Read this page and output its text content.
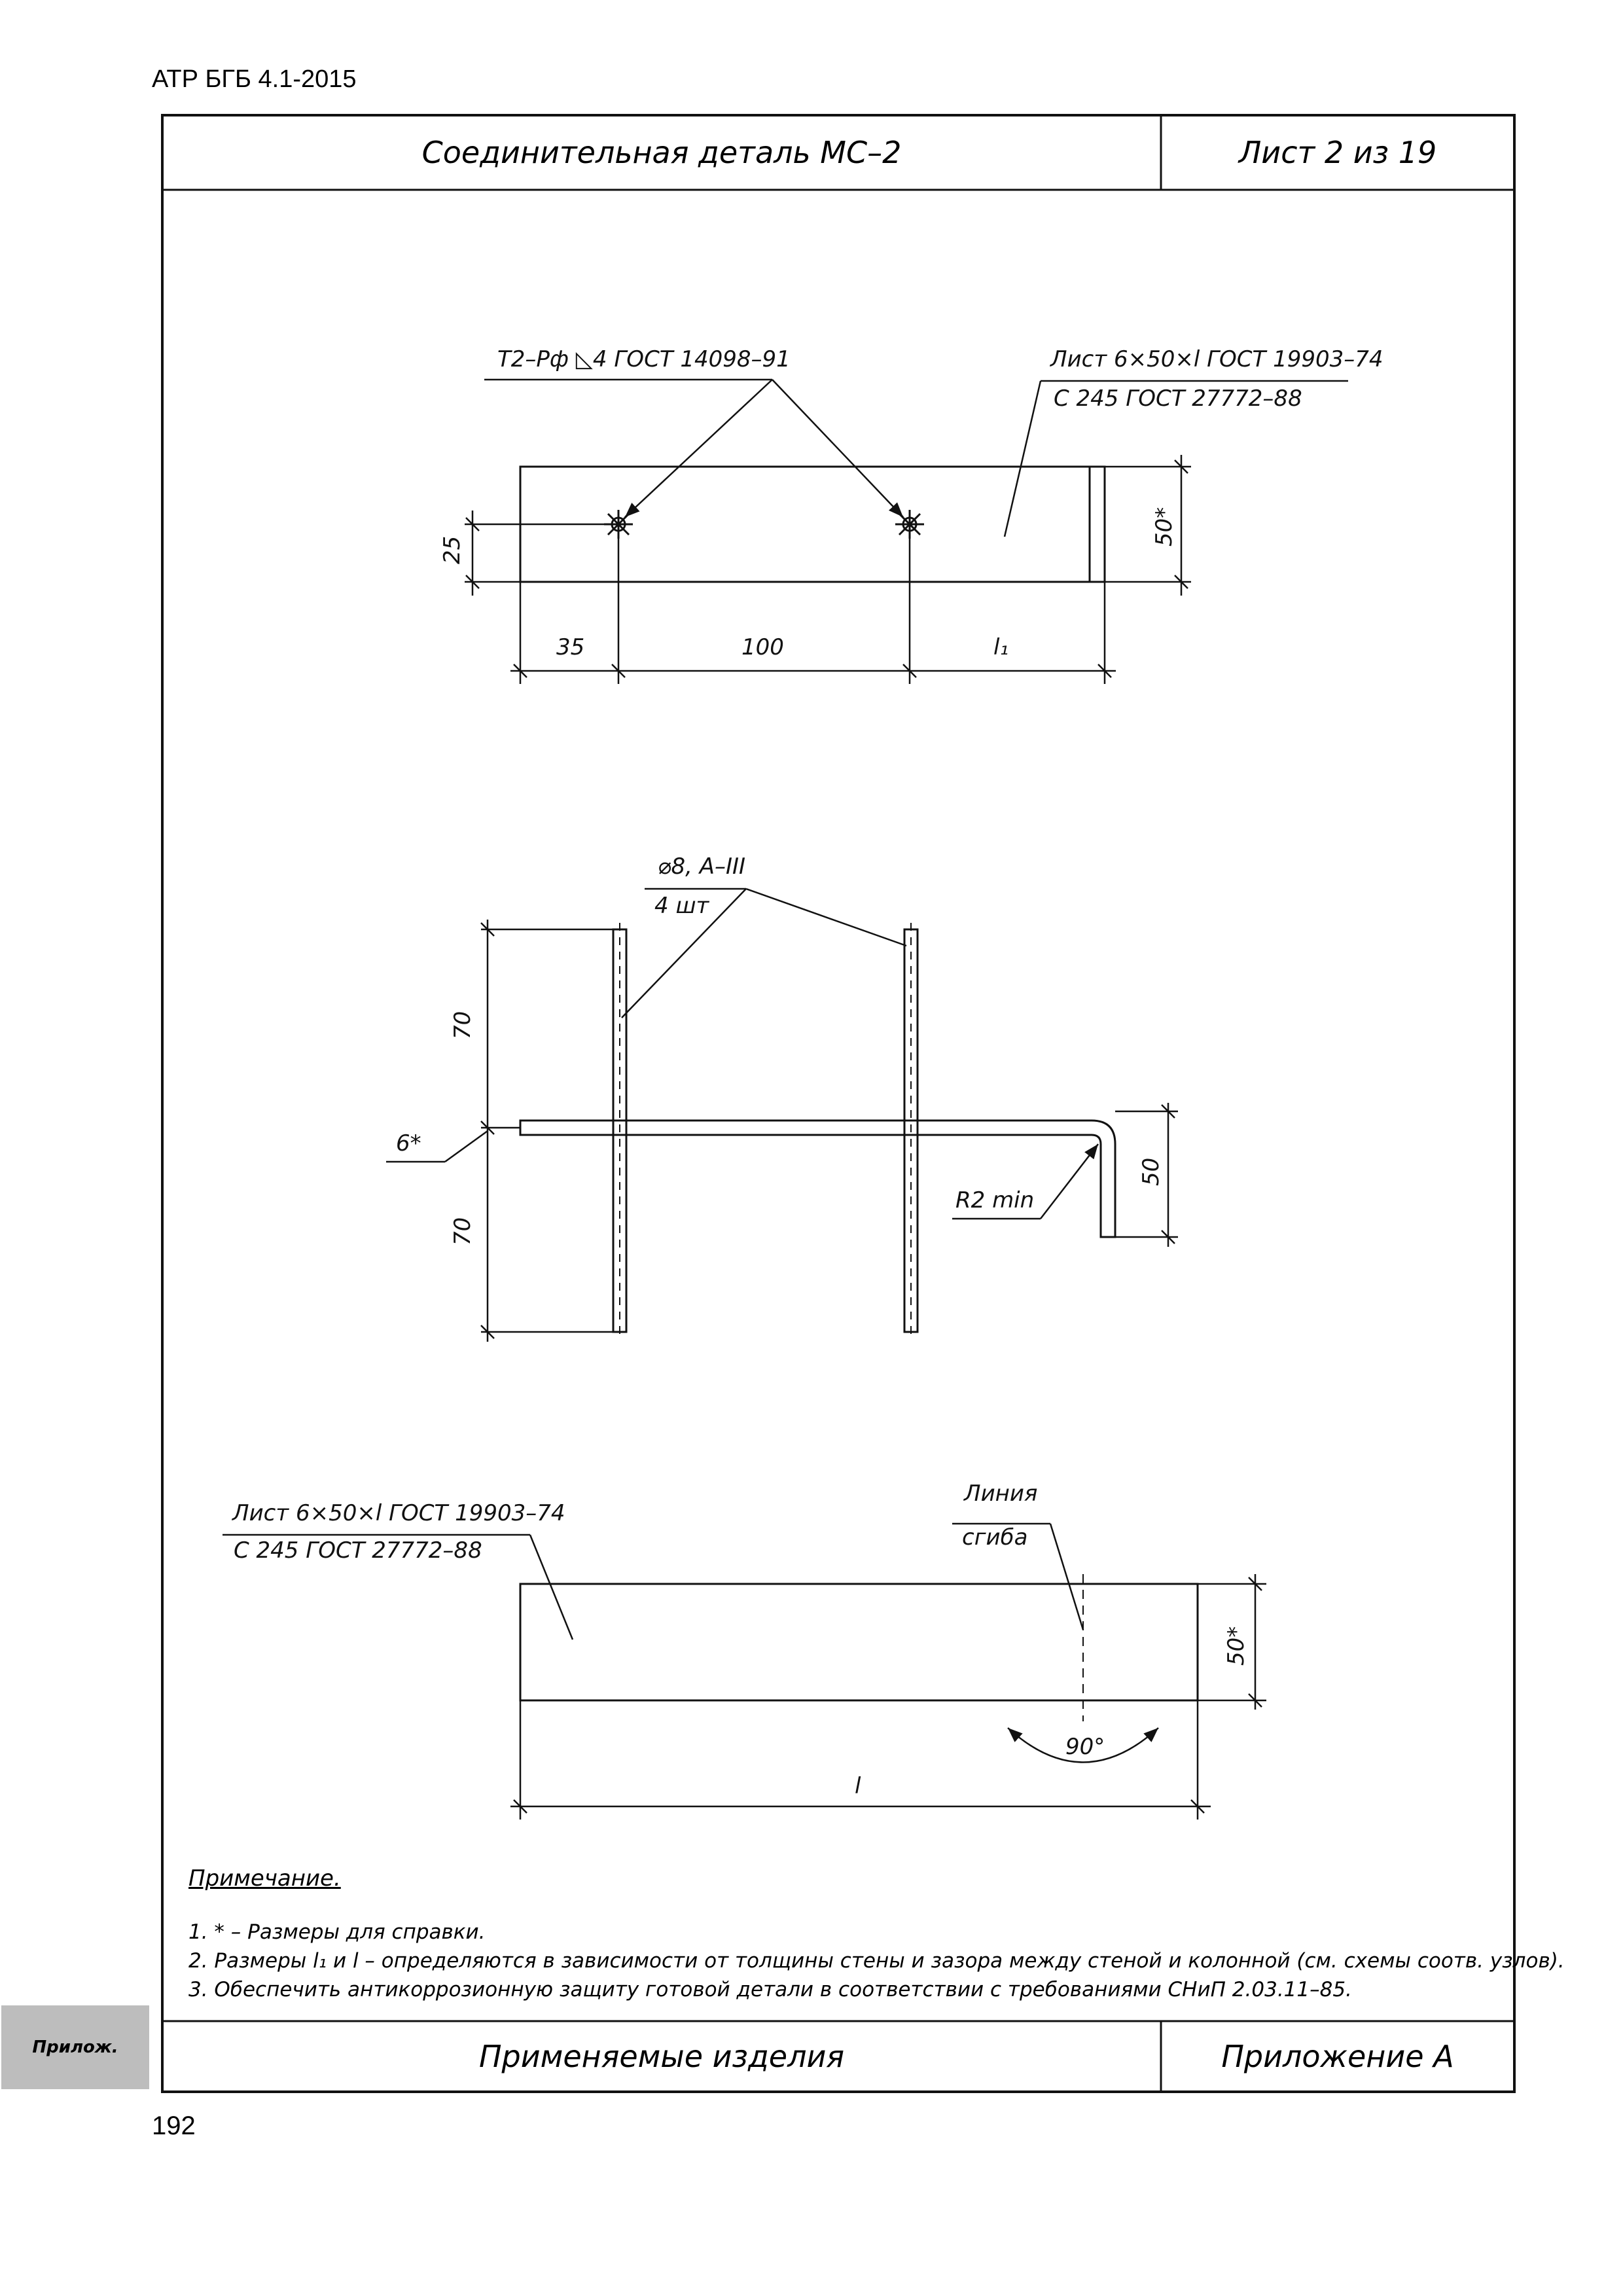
АТР БГБ 4.1-2015
Соединительная деталь МС–2	Лист 2 из 19
Применяемые изделия	Приложение А
Прилож.
192
Т2–Рф ◺4 ГОСТ 14098–91	Лист 6×50×l ГОСТ 19903–74
С 245 ГОСТ 27772–88
25
50*
35	100	l₁
⌀8, А–III
4 шт
70
70
6*
50
R2 min
Лист 6×50×l ГОСТ 19903–74
С 245 ГОСТ 27772–88
Линия
сгиба
50*
90°
l
Примечание.
1. * – Размеры для справки.
2. Размеры l₁ и l – определяются в зависимости от толщины стены и зазора между стеной и колонной (см. схемы соотв. узлов).
3. Обеспечить антикоррозионную защиту готовой детали в соответствии с требованиями СНиП 2.03.11–85.
